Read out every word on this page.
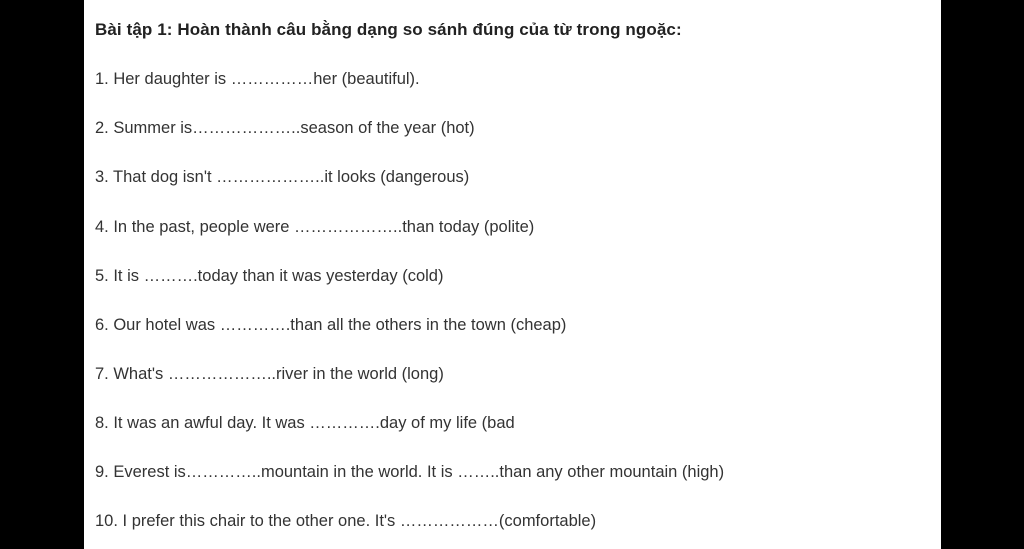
Bài tập 1: Hoàn thành câu bằng dạng so sánh đúng của từ trong ngoặc:
1. Her daughter is ……………her (beautiful).
2. Summer is………………..season of the year (hot)
3. That dog isn't ………………..it looks (dangerous)
4. In the past, people were ………………..than today (polite)
5. It is ……….today than it was yesterday (cold)
6. Our hotel was ………….than all the others in the town (cheap)
7. What's ………………..river in the world (long)
8. It was an awful day. It was ………….day of my life (bad
9. Everest is…………..mountain in the world. It is ……..than any other mountain (high)
10. I prefer this chair to the other one. It's ………………(comfortable)
